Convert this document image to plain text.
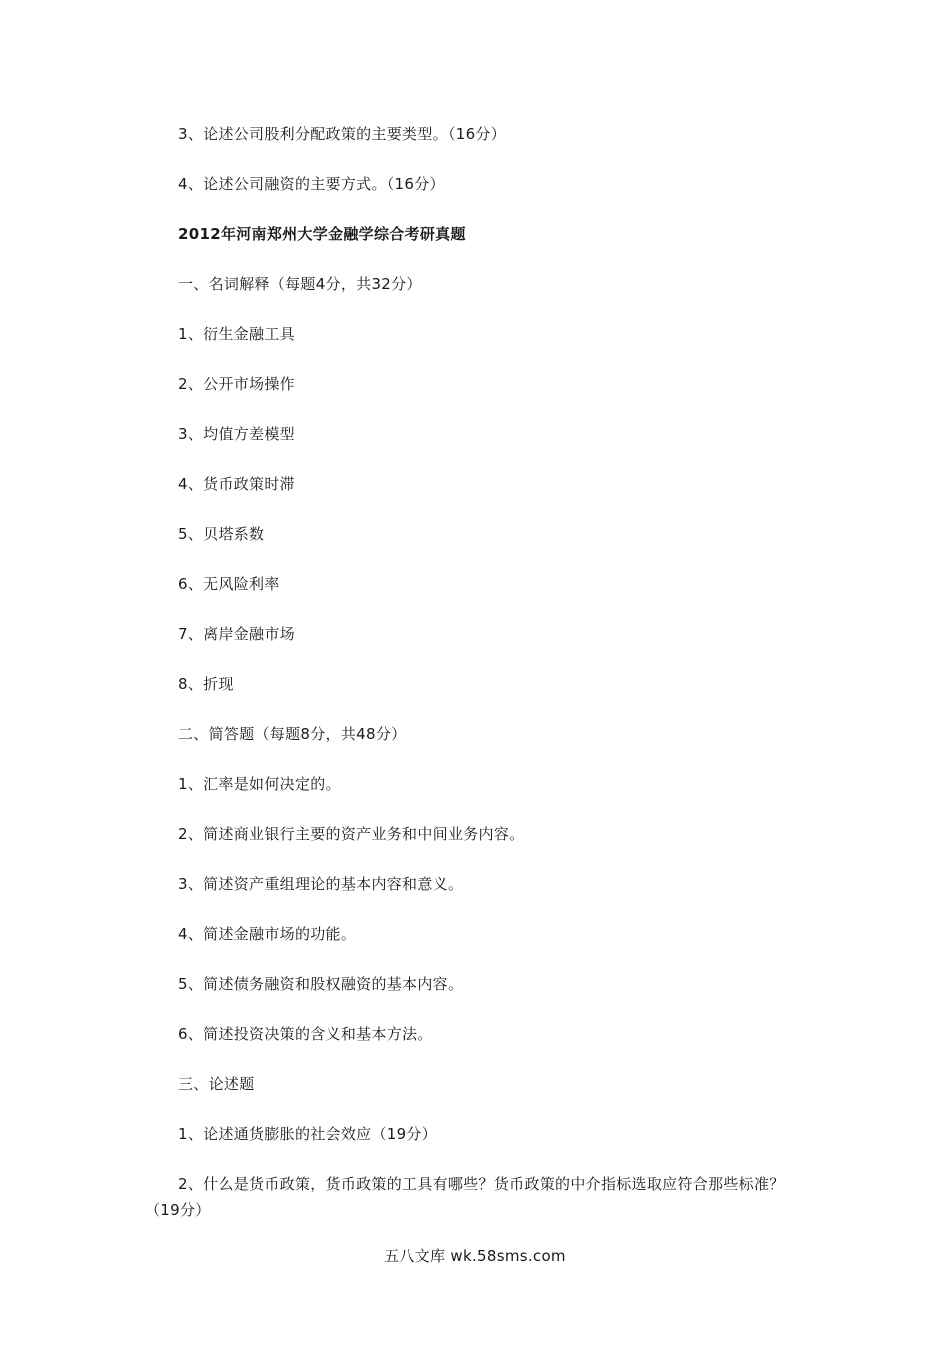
3、论述公司股利分配政策的主要类型。（16分）
4、论述公司融资的主要方式。（16分）
2012年河南郑州大学金融学综合考研真题
一、名词解释（每题4分，共32分）
1、衍生金融工具
2、公开市场操作
3、均值方差模型
4、货币政策时滞
5、贝塔系数
6、无风险利率
7、离岸金融市场
8、折现
二、简答题（每题8分，共48分）
1、汇率是如何决定的。
2、简述商业银行主要的资产业务和中间业务内容。
3、简述资产重组理论的基本内容和意义。
4、简述金融市场的功能。
5、简述债务融资和股权融资的基本内容。
6、简述投资决策的含义和基本方法。
三、论述题
1、论述通货膨胀的社会效应（19分）
2、什么是货币政策，货币政策的工具有哪些？货币政策的中介指标选取应符合那些标准？（19分）
五八文库 wk.58sms.com
